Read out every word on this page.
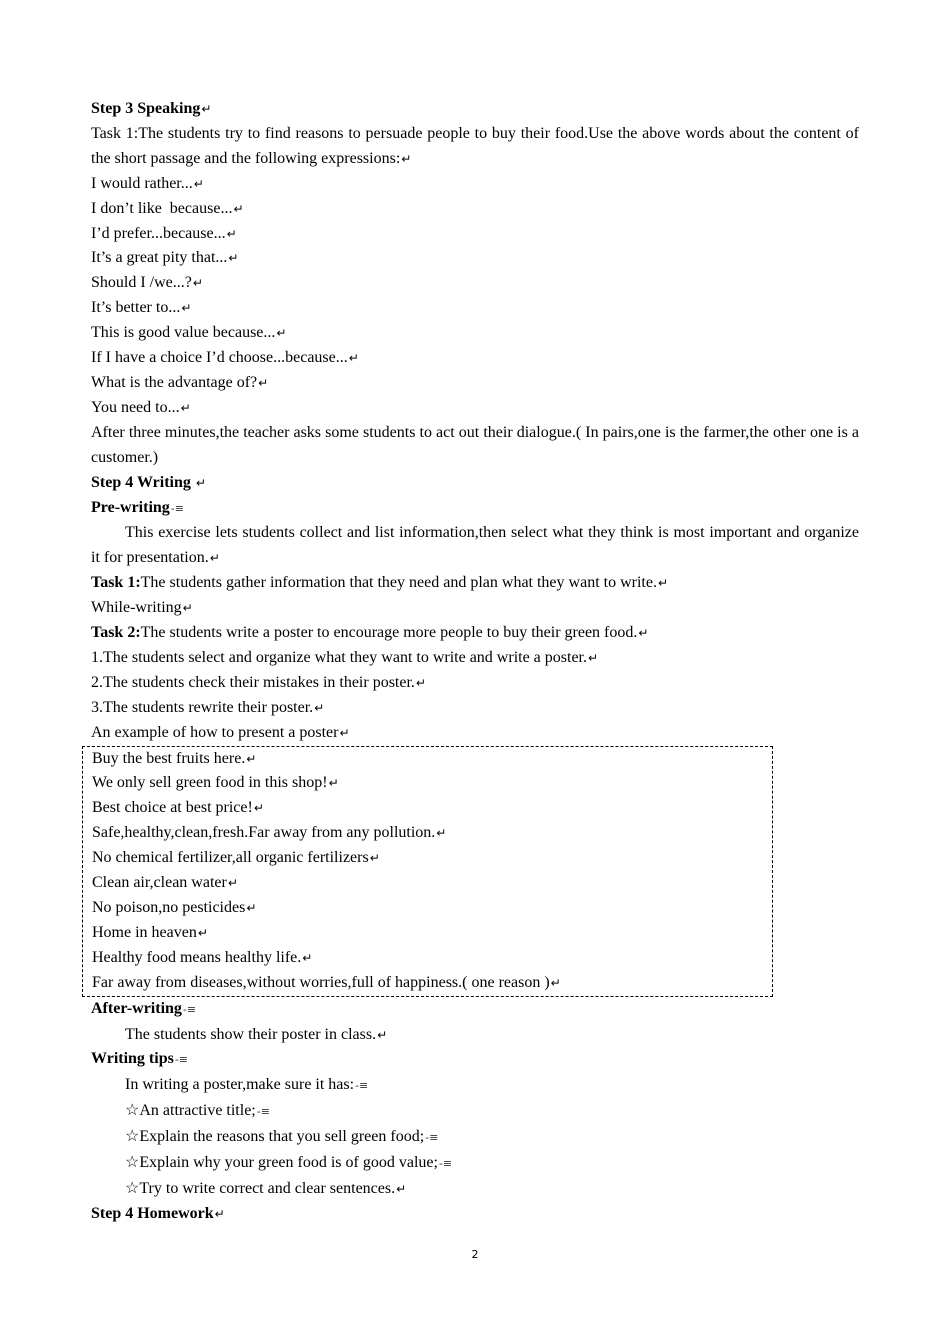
Step 3 Speaking↵
Task 1:The students try to find reasons to persuade people to buy their food.Use the above words about the content of the short passage and the following expressions:↵
I would rather...↵
I don’t like  because...↵
I’d prefer...because...↵
It’s a great pity that...↵
Should I /we...?↵
It’s better to...↵
This is good value because...↵
If I have a choice I’d choose...because...↵
What is the advantage of?↵
You need to...↵
After three minutes,the teacher asks some students to act out their dialogue.( In pairs,one is the farmer,the other one is a customer.)
Step 4 Writing ↵
Pre-writing-≡
This exercise lets students collect and list information,then select what they think is most important and organize it for presentation.↵
Task 1:The students gather information that they need and plan what they want to write.↵
While-writing↵
Task 2:The students write a poster to encourage more people to buy their green food.↵
1.The students select and organize what they want to write and write a poster.↵
2.The students check their mistakes in their poster.↵
3.The students rewrite their poster.↵
An example of how to present a poster↵
Buy the best fruits here.↵
We only sell green food in this shop!↵
Best choice at best price!↵
Safe,healthy,clean,fresh.Far away from any pollution.↵
No chemical fertilizer,all organic fertilizers↵
Clean air,clean water↵
No poison,no pesticides↵
Home in heaven↵
Healthy food means healthy life.↵
Far away from diseases,without worries,full of happiness.( one reason )↵
After-writing-≡
The students show their poster in class.↵
Writing tips-≡
In writing a poster,make sure it has:-≡
☆An attractive title;-≡
☆Explain the reasons that you sell green food;-≡
☆Explain why your green food is of good value;-≡
☆Try to write correct and clear sentences.↵
Step 4 Homework↵
2
